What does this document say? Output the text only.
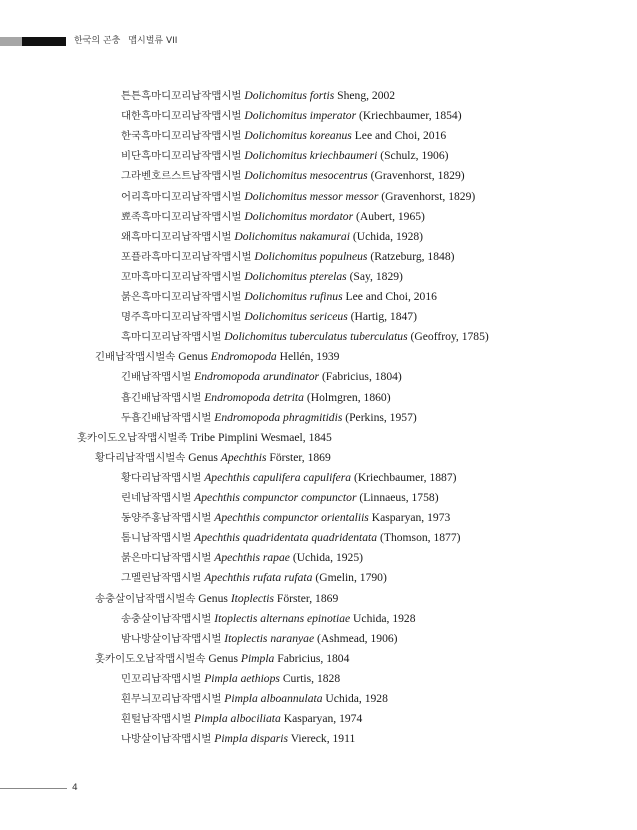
한국의 곤충 맵시벌류 VII
튼튼흑마디꼬리납작맵시벌 Dolichomitus fortis Sheng, 2002
대한흑마디꼬리납작맵시벌 Dolichomitus imperator (Kriechbaumer, 1854)
한국흑마디꼬리납작맵시벌 Dolichomitus koreanus Lee and Choi, 2016
비단흑마디꼬리납작맵시벌 Dolichomitus kriechbaumeri (Schulz, 1906)
그라벤호르스트납작맵시벌 Dolichomitus mesocentrus (Gravenhorst, 1829)
어리흑마디꼬리납작맵시벌 Dolichomitus messor messor (Gravenhorst, 1829)
뾰족흑마디꼬리납작맵시벌 Dolichomitus mordator (Aubert, 1965)
왜흑마디꼬리납작맵시벌 Dolichomitus nakamurai (Uchida, 1928)
포플라흑마디꼬리납작맵시벌 Dolichomitus populneus (Ratzeburg, 1848)
꼬마흑마디꼬리납작맵시벌 Dolichomitus pterelas (Say, 1829)
붉은흑마디꼬리납작맵시벌 Dolichomitus rufinus Lee and Choi, 2016
명주흑마디꼬리납작맵시벌 Dolichomitus sericeus (Hartig, 1847)
흑마디꼬리납작맵시벌 Dolichomitus tuberculatus tuberculatus (Geoffroy, 1785)
긴배납작맵시벌속 Genus Endromopoda Hellén, 1939
긴배납작맵시벌 Endromopoda arundinator (Fabricius, 1804)
흡긴배납작맵시벌 Endromopoda detrita (Holmgren, 1860)
두흡긴배납작맵시벌 Endromopoda phragmitidis (Perkins, 1957)
홋카이도오납작맵시벌족 Tribe Pimplini Wesmael, 1845
황다리납작맵시벌속 Genus Apechthis Förster, 1869
황다리납작맵시벌 Apechthis capulifera capulifera (Kriechbaumer, 1887)
린네납작맵시벌 Apechthis compunctor compunctor (Linnaeus, 1758)
동양주홍납작맵시벌 Apechthis compunctor orientaliis Kasparyan, 1973
톰니납작맵시벌 Apechthis quadridentata quadridentata (Thomson, 1877)
붉은마디납작맵시벌 Apechthis rapae (Uchida, 1925)
그멜린납작맵시벌 Apechthis rufata rufata (Gmelin, 1790)
송충살이납작맵시벌속 Genus Itoplectis Förster, 1869
송충살이납작맵시벌 Itoplectis alternans epinotiae Uchida, 1928
밤나방살이납작맵시벌 Itoplectis naranyae (Ashmead, 1906)
홋카이도오납작맵시벌속 Genus Pimpla Fabricius, 1804
민꼬리납작맵시벌 Pimpla aethiops Curtis, 1828
흰무늬꼬리납작맵시벌 Pimpla alboannulata Uchida, 1928
흰털납작맵시벌 Pimpla albociliata Kasparyan, 1974
나방살이납작맵시벌 Pimpla disparis Viereck, 1911
4
